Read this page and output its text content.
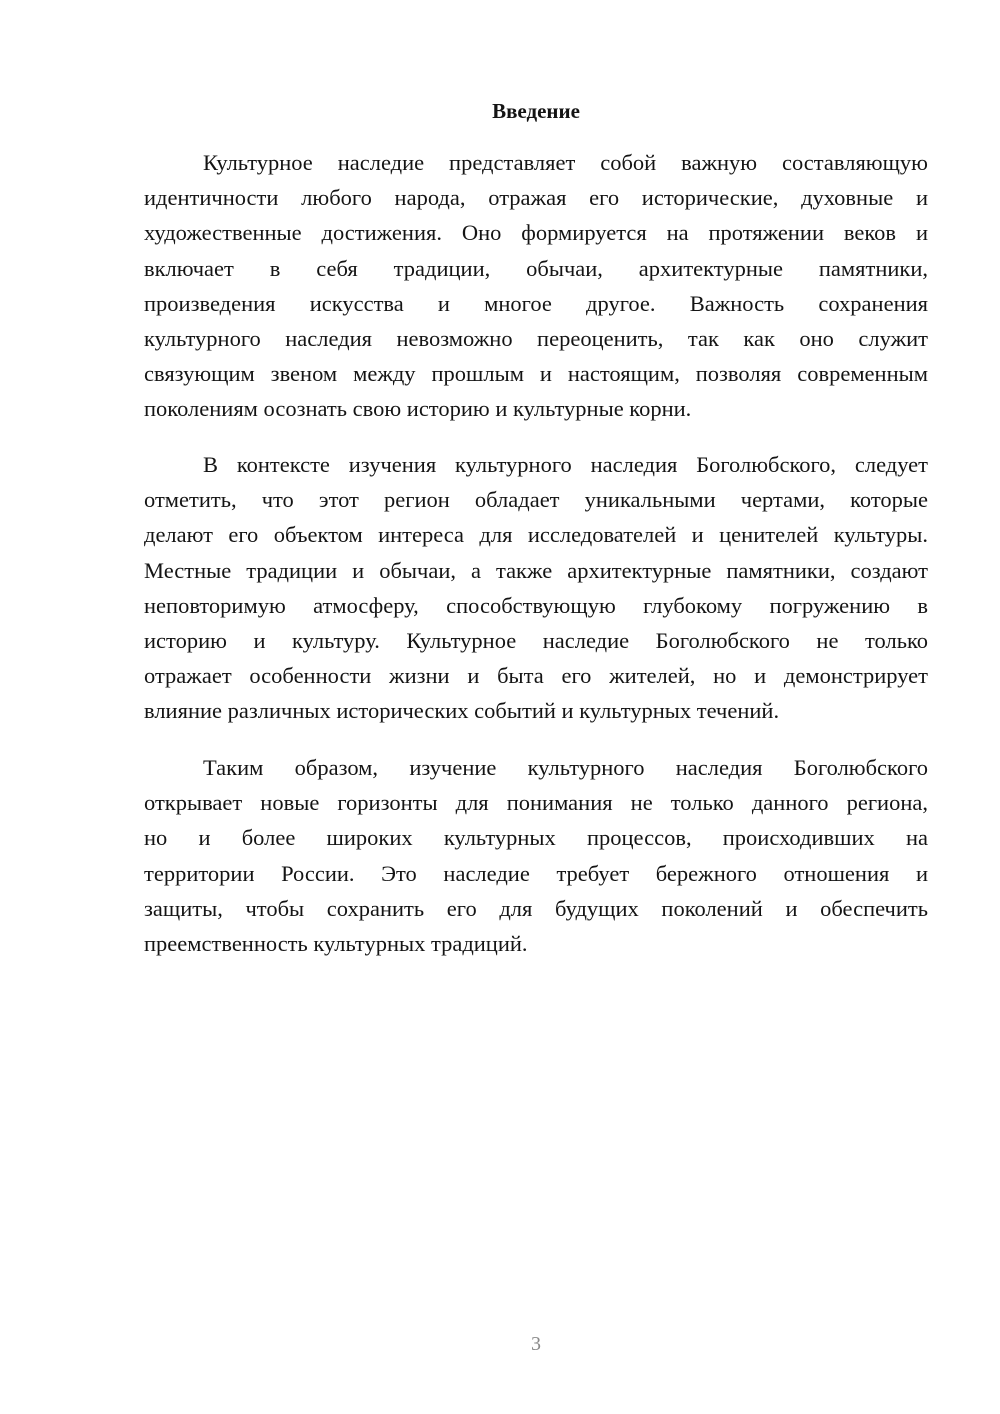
Введение
Культурное наследие представляет собой важную составляющую
идентичности любого народа, отражая его исторические, духовные и
художественные достижения. Оно формируется на протяжении веков и
включает в себя традиции, обычаи, архитектурные памятники,
произведения искусства и многое другое. Важность сохранения
культурного наследия невозможно переоценить, так как оно служит
связующим звеном между прошлым и настоящим, позволяя современным
поколениям осознать свою историю и культурные корни.
В контексте изучения культурного наследия Боголюбского, следует
отметить, что этот регион обладает уникальными чертами, которые
делают его объектом интереса для исследователей и ценителей культуры.
Местные традиции и обычаи, а также архитектурные памятники, создают
неповторимую атмосферу, способствующую глубокому погружению в
историю и культуру. Культурное наследие Боголюбского не только
отражает особенности жизни и быта его жителей, но и демонстрирует
влияние различных исторических событий и культурных течений.
Таким образом, изучение культурного наследия Боголюбского
открывает новые горизонты для понимания не только данного региона,
но и более широких культурных процессов, происходивших на
территории России. Это наследие требует бережного отношения и
защиты, чтобы сохранить его для будущих поколений и обеспечить
преемственность культурных традиций.
3
